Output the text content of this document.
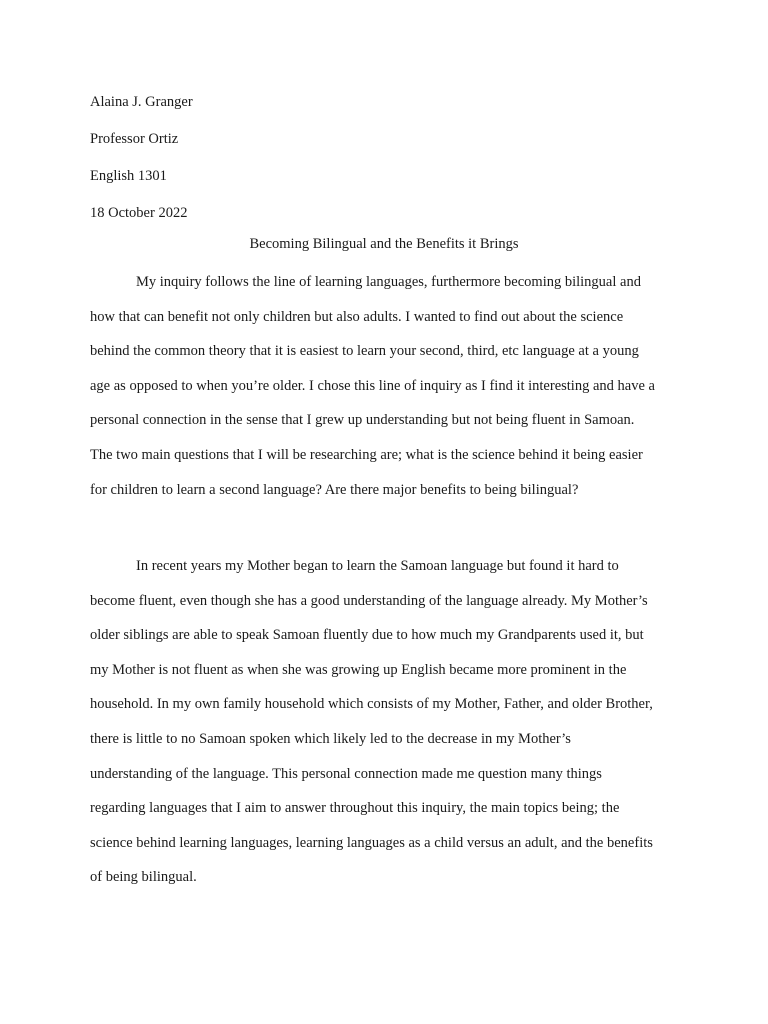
Alaina J. Granger
Professor Ortiz
English 1301
18 October 2022
Becoming Bilingual and the Benefits it Brings
My inquiry follows the line of learning languages, furthermore becoming bilingual and
how that can benefit not only children but also adults. I wanted to find out about the science
behind the common theory that it is easiest to learn your second, third, etc language at a young
age as opposed to when you’re older. I chose this line of inquiry as I find it interesting and have a
personal connection in the sense that I grew up understanding but not being fluent in Samoan.
The two main questions that I will be researching are; what is the science behind it being easier
for children to learn a second language? Are there major benefits to being bilingual?
In recent years my Mother began to learn the Samoan language but found it hard to
become fluent, even though she has a good understanding of the language already. My Mother’s
older siblings are able to speak Samoan fluently due to how much my Grandparents used it, but
my Mother is not fluent as when she was growing up English became more prominent in the
household. In my own family household which consists of my Mother, Father, and older Brother,
there is little to no Samoan spoken which likely led to the decrease in my Mother’s
understanding of the language. This personal connection made me question many things
regarding languages that I aim to answer throughout this inquiry, the main topics being; the
science behind learning languages, learning languages as a child versus an adult, and the benefits
of being bilingual.
